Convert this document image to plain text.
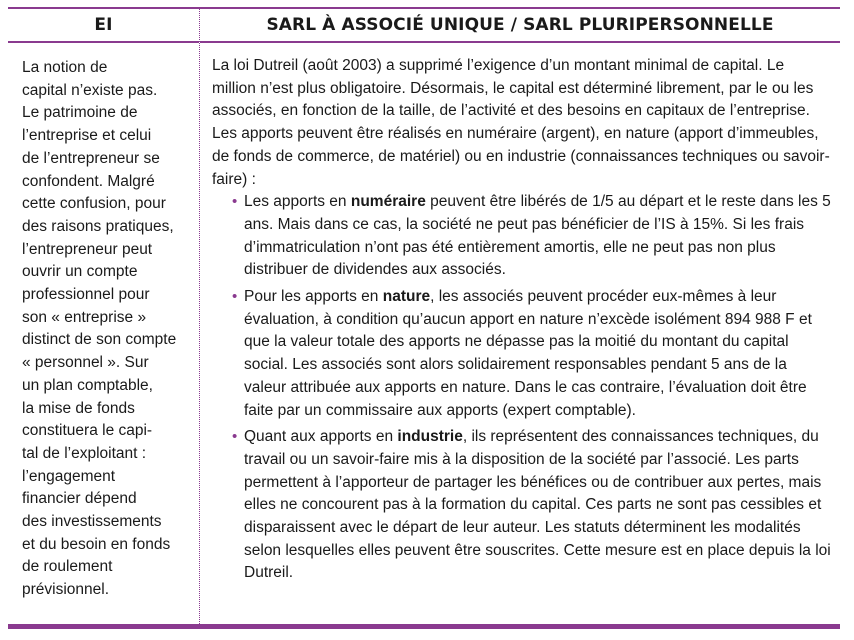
EI
La notion de
capital n’existe pas.
Le patrimoine de
l’entreprise et celui
de l’entrepreneur se
confondent. Malgré
cette confusion, pour
des raisons pratiques,
l’entrepreneur peut
ouvrir un compte
professionnel pour
son « entreprise »
distinct de son compte
« personnel ». Sur
un plan comptable,
la mise de fonds
constituera le capi-
tal de l’exploitant :
l’engagement
financier dépend
des investissements
et du besoin en fonds
de roulement
prévisionnel.
SARL À ASSOCIÉ UNIQUE / SARL PLURIPERSONNELLE

La loi Dutreil (août 2003) a supprimé l’exigence d’un montant minimal de capital. Le million n’est plus obligatoire. Désormais, le capital est déterminé librement, par le ou les associés, en fonction de la taille, de l’activité et des besoins en capitaux de l’entreprise.

Les apports peuvent être réalisés en numéraire (argent), en nature (apport d’immeubles, de fonds de commerce, de matériel) ou en industrie (connaissances techniques ou savoir-faire) :

• Les apports en numéraire peuvent être libérés de 1/5 au départ et le reste dans les 5 ans. Mais dans ce cas, la société ne peut pas bénéficier de l’IS à 15%. Si les frais d’immatriculation n’ont pas été entièrement amortis, elle ne peut pas non plus distribuer de dividendes aux associés.
• Pour les apports en nature, les associés peuvent procéder eux-mêmes à leur évaluation, à condition qu’aucun apport en nature n’excède isolément 894 988 F et que la valeur totale des apports ne dépasse pas la moitié du montant du capital social. Les associés sont alors solidairement responsables pendant 5 ans de la valeur attribuée aux apports en nature. Dans le cas contraire, l’évaluation doit être faite par un commissaire aux apports (expert comptable).
• Quant aux apports en industrie, ils représentent des connaissances techniques, du travail ou un savoir-faire mis à la disposition de la société par l’associé. Les parts permettent à l’apporteur de partager les bénéfices ou de contribuer aux pertes, mais elles ne concourent pas à la formation du capital. Ces parts ne sont pas cessibles et disparaissent avec le départ de leur auteur. Les statuts déterminent les modalités selon lesquelles elles peuvent être souscrites. Cette mesure est en place depuis la loi Dutreil.
